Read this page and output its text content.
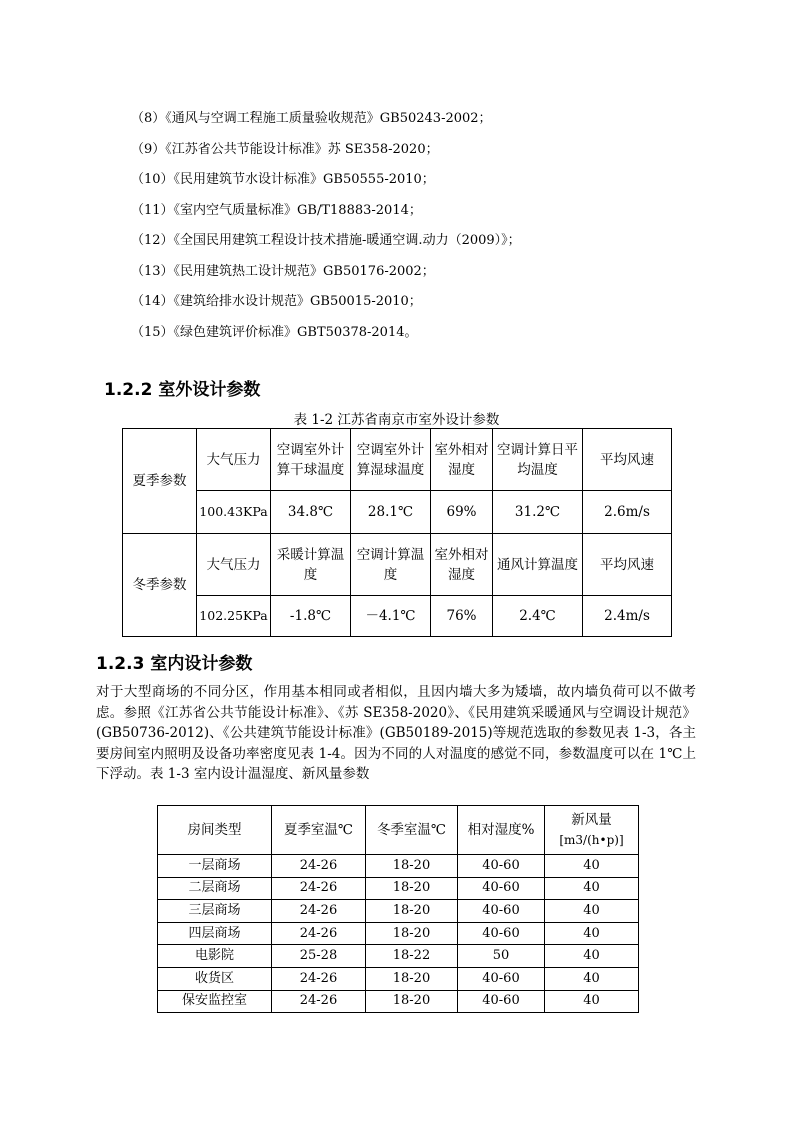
（8）《通风与空调工程施工质量验收规范》GB50243-2002；
（9）《江苏省公共节能设计标准》苏 SE358-2020；
（10）《民用建筑节水设计标准》GB50555-2010；
（11）《室内空气质量标准》GB/T18883-2014；
（12）《全国民用建筑工程设计技术措施-暖通空调.动力（2009）》；
（13）《民用建筑热工设计规范》GB50176-2002；
（14）《建筑给排水设计规范》GB50015-2010；
（15）《绿色建筑评价标准》GBT50378-2014。
1.2.2 室外设计参数

表 1-2 江苏省南京市室外设计参数

夏季参数	大气压力	空调室外计算干球温度	空调室外计算湿球温度	室外相对湿度	空调计算日平均温度	平均风速
	100.43KPa	34.8℃	28.1℃	69%	31.2℃	2.6m/s
冬季参数	大气压力	采暖计算温度	空调计算温度	室外相对湿度	通风计算温度	平均风速
	102.25KPa	-1.8℃	－4.1℃	76%	2.4℃	2.4m/s
1.2.3 室内设计参数

对于大型商场的不同分区，作用基本相同或者相似，且因内墙大多为矮墙，故内墙负荷可以不做考虑。参照《江苏省公共节能设计标准》、《苏 SE358-2020》、《民用建筑采暖通风与空调设计规范》(GB50736-2012)、《公共建筑节能设计标准》(GB50189-2015)等规范选取的参数见表 1-3，各主要房间室内照明及设备功率密度见表 1-4。因为不同的人对温度的感觉不同，参数温度可以在 1℃上下浮动。表 1-3 室内设计温湿度、新风量参数

房间类型	夏季室温℃	冬季室温℃	相对湿度%	新风量
[m3/(h•p)]

一层商场	24-26	18-20	40-60	40
二层商场	24-26	18-20	40-60	40
三层商场	24-26	18-20	40-60	40
四层商场	24-26	18-20	40-60	40
电影院	25-28	18-22	50	40
收货区	24-26	18-20	40-60	40
保安监控室	24-26	18-20	40-60	40
